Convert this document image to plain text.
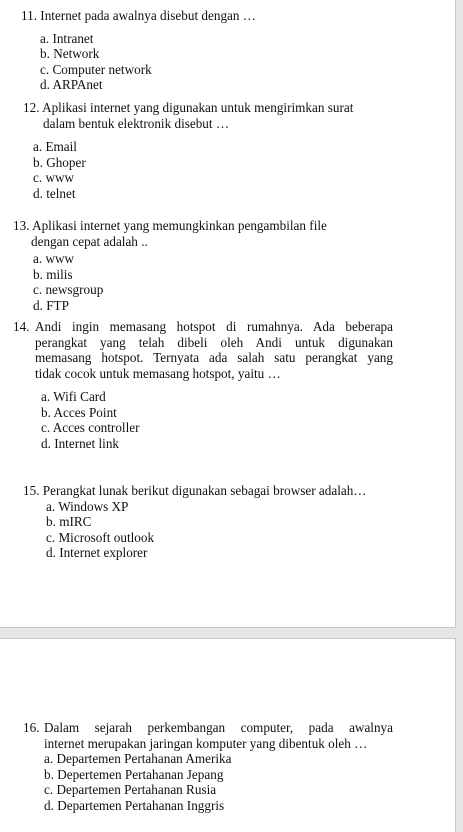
11. Internet pada awalnya disebut dengan …

a. Intranet
b. Network
c. Computer network
d. ARPAnet

12. Aplikasi internet yang digunakan untuk mengirimkan surat

dalam bentuk elektronik disebut …

a. Email
b. Ghoper
c. www
d. telnet

13. Aplikasi internet yang memungkinkan pengambilan file

dengan cepat adalah ..

a. www
b. milis
c. newsgroup
d. FTP
14. Andi ingin memasang hotspot di rumahnya. Ada beberapa
perangkat yang telah dibeli oleh Andi untuk digunakan
memasang hotspot. Ternyata ada salah satu perangkat yang
tidak cocok untuk memasang hotspot, yaitu …
a. Wifi Card
b. Acces Point
c. Acces controller
d. Internet link

15. Perangkat lunak berikut digunakan sebagai browser adalah…

a. Windows XP
b. mIRC
c. Microsoft outlook
d. Internet explorer
16. Dalam sejarah perkembangan computer, pada awalnya
internet merupakan jaringan komputer yang dibentuk oleh …
a. Departemen Pertahanan Amerika
b. Depertemen Pertahanan Jepang
c. Departemen Pertahanan Rusia
d. Departemen Pertahanan Inggris
